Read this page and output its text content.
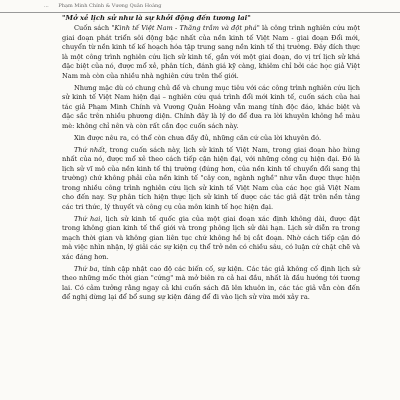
... Phạm Minh Chính & Vương Quân Hoàng
"Mở xẻ lịch sử như là sự khởi động đến tương lai"

Cuốn sách "Kinh tế Việt Nam - Thăng trầm và đột phá" là công trình nghiên cứu một giai đoạn phát triển sôi động bậc nhất của nền kinh tế Việt Nam - giai đoạn Đổi mới, chuyển từ nền kinh tế kế hoạch hóa tập trung sang nền kinh tế thị trường. Đây đích thực là một công trình nghiên cứu lịch sử kinh tế, gắn với một giai đoạn, do vị trí lịch sử khá đặc biệt của nó, được mổ xẻ, phân tích, đánh giá kỹ càng, khiêm chỉ bởi các học giả Việt Nam mà còn của nhiều nhà nghiên cứu trên thế giới.

Nhưng mặc dù có chung chủ đề và chung mục tiêu với các công trình nghiên cứu lịch sử kinh tế Việt Nam hiện đại – nghiên cứu quá trình đổi mới kinh tế, cuốn sách của hai tác giả Phạm Minh Chính và Vương Quân Hoàng vẫn mang tính độc đáo, khác biệt và đặc sắc trên nhiều phương diện. Chính đây là lý do để đưa ra lời khuyên không hề màu mè: không chỉ nên và còn rất cần đọc cuốn sách này.

Xin được nêu ra, có thể còn chưa đầy đủ, những căn cứ của lời khuyên đó.

Thứ nhất, trong cuốn sách này, lịch sử kinh tế Việt Nam, trong giai đoạn hào hùng nhất của nó, được mổ xẻ theo cách tiếp cận hiện đại, với những công cụ hiện đại. Đó là lịch sử vĩ mô của nền kinh tế thị trường (đúng hơn, của nền kinh tế chuyển đổi sang thị trường) chứ không phải của nền kinh tế "cây con, ngành nghề" như vẫn được thực hiện trong nhiều công trình nghiên cứu lịch sử kinh tế Việt Nam của các học giả Việt Nam cho đến nay. Sự phân tích hiện thực lịch sử kinh tế được các tác giả đặt trên nền tảng các tri thức, lý thuyết và công cụ của môn kinh tế học hiện đại.

Thứ hai, lịch sử kinh tế quốc gia của một giai đoạn xác định không dài, được đặt trong không gian kinh tế thế giới và trong phông lịch sử dài hạn. Lịch sử diễn ra trong mạch thời gian và không gian liên tục chứ không hề bị cắt đoạn. Nhờ cách tiếp cận đó mà việc nhìn nhận, lý giải các sự kiện cụ thể trở nên có chiều sâu, có luận cứ chặt chẽ và xác đáng hơn.

Thứ ba, tính cập nhật cao độ các biến cố, sự kiện. Các tác giả không cố định lịch sử theo những mốc thời gian "cứng" mà mở biên ra cả hai đầu, nhất là đầu hướng tới tương lai. Có cảm tưởng rằng ngay cả khi cuốn sách đã lên khuôn in, các tác giả vẫn còn đến để nghị dừng lại để bổ sung sự kiện đáng để đi vào lịch sử vừa mới xảy ra.
